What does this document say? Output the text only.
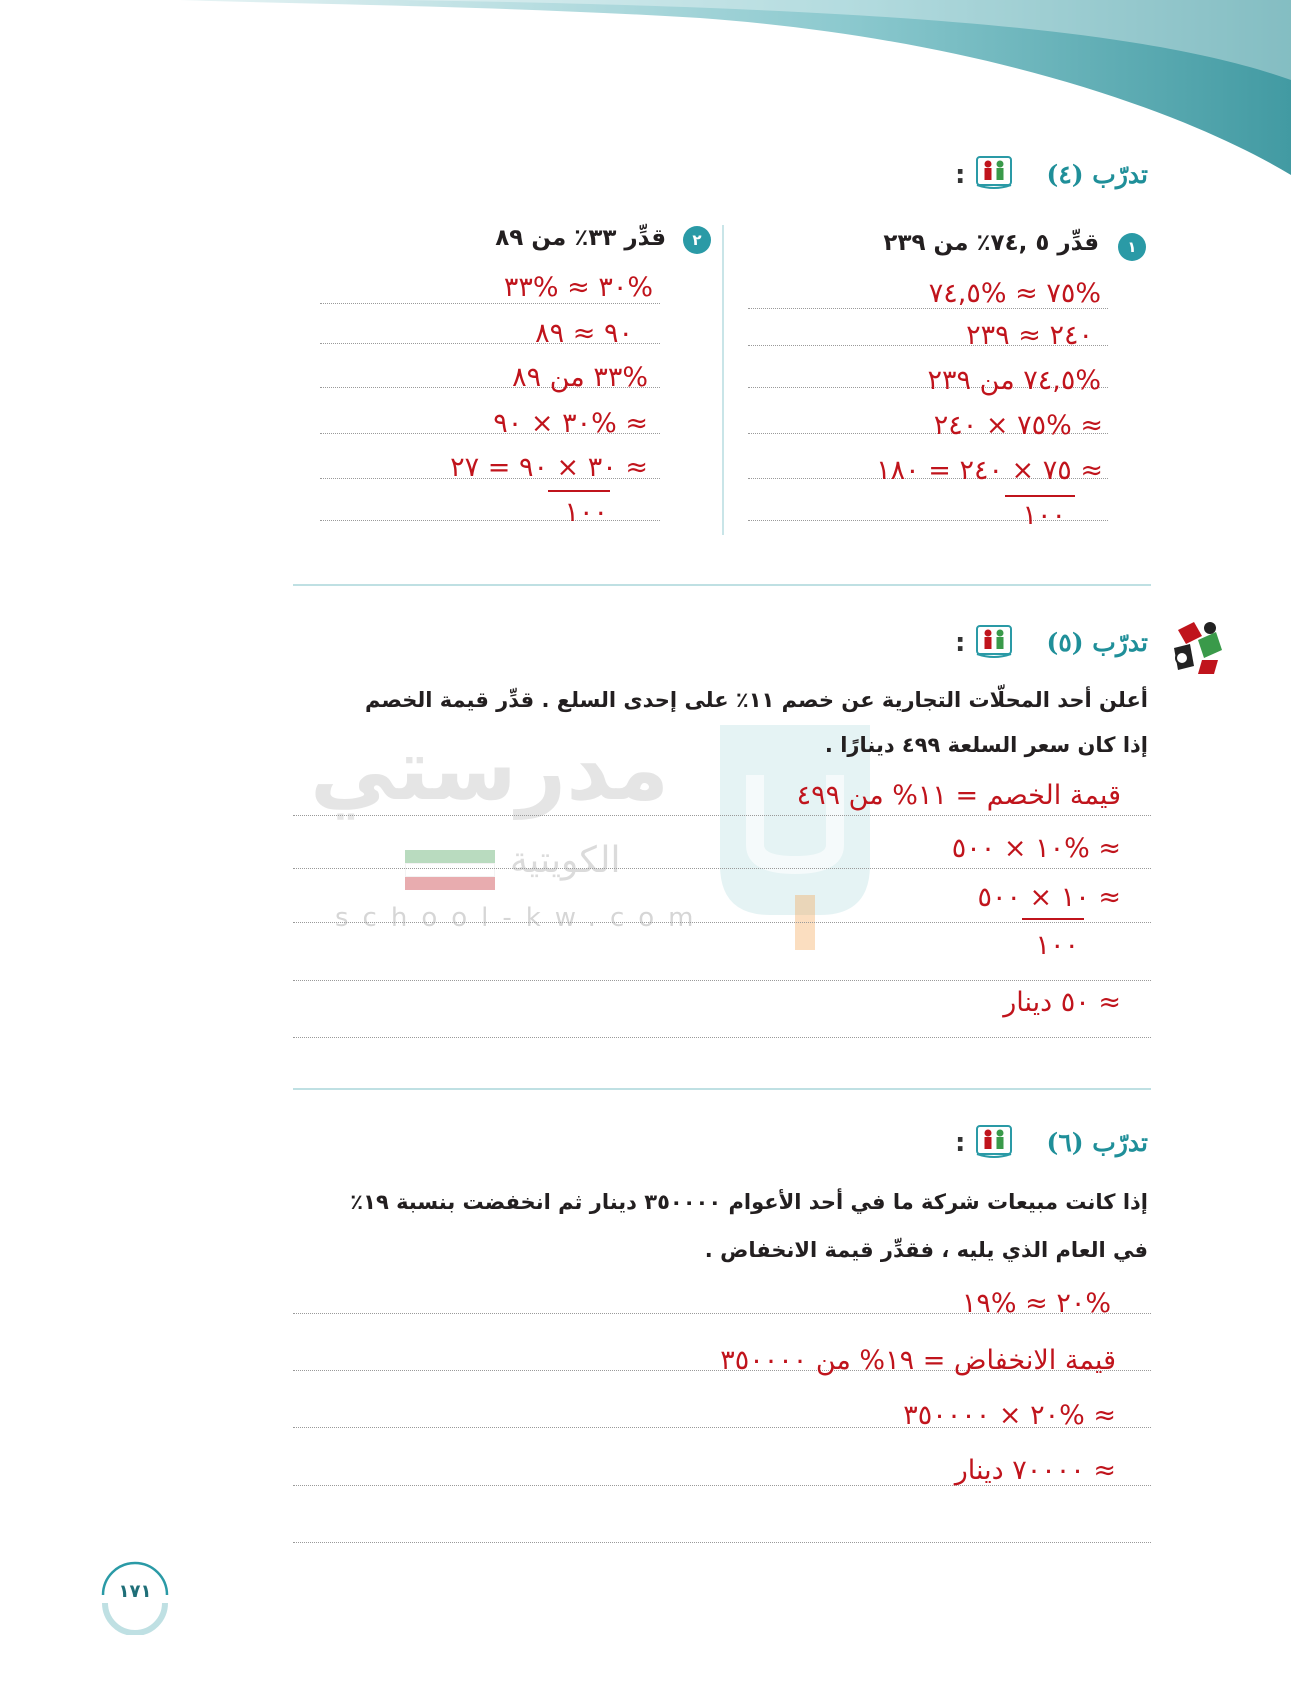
مدرستي
الكويتية
school-kw.com
تدرّب (٤)
:
١
قدِّر ٥ ,٧٤٪ من ٢٣٩
%٧٥ ≈ %٧٤,٥
٢٤٠ ≈ ٢٣٩
%٧٤,٥ من ٢٣٩
≈ %٧٥ × ٢٤٠
≈ ٧٥ × ٢٤٠ = ١٨٠
١٠٠
٢
قدِّر ٣٣٪ من ٨٩
%٣٠ ≈ %٣٣
٩٠ ≈ ٨٩
%٣٣ من ٨٩
≈ %٣٠ × ٩٠
≈ ٣٠ × ٩٠ = ٢٧
١٠٠
تدرّب (٥)
:
أعلن أحد المحلّات التجارية عن خصم ١١٪ على إحدى السلع . قدِّر قيمة الخصم
إذا كان سعر السلعة ٤٩٩ دينارًا .
قيمة الخصم = ١١% من ٤٩٩
≈ %١٠ × ٥٠٠
≈ ١٠ × ٥٠٠
١٠٠
≈ ٥٠ دينار
تدرّب (٦)
:
إذا كانت مبيعات شركة ما في أحد الأعوام ٣٥٠٠٠٠ دينار ثم انخفضت بنسبة ١٩٪
في العام الذي يليه ، فقدِّر قيمة الانخفاض .
%٢٠ ≈ %١٩
قيمة الانخفاض = ١٩% من ٣٥٠٠٠٠
≈ %٢٠ × ٣٥٠٠٠٠
≈ ٧٠٠٠٠ دينار
١٧١
